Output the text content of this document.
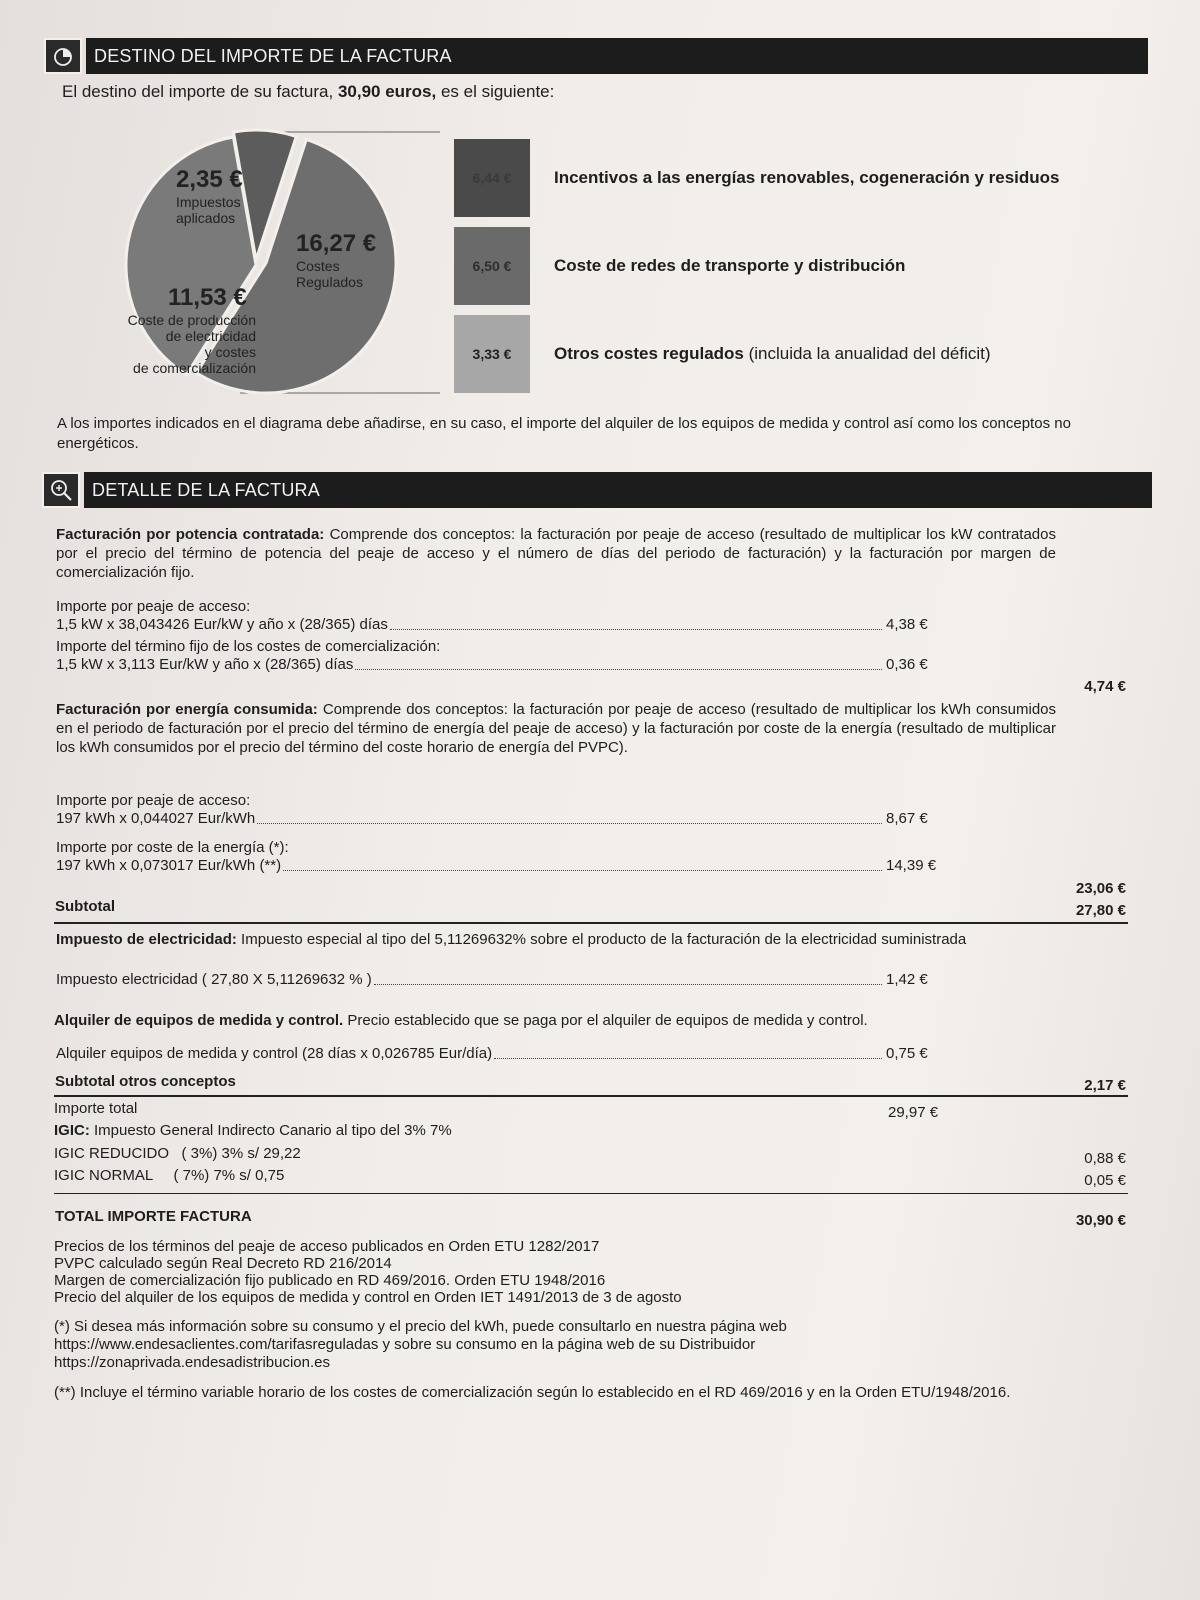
DESTINO DEL IMPORTE DE LA FACTURA
El destino del importe de su factura, 30,90 euros, es el siguiente:
2,35 €
Impuestos
aplicados
16,27 €
Costes
Regulados
11,53 €
Coste de producción
de electricidad
y costes
de comercialización
6,44 €
6,50 €
3,33 €
Incentivos a las energías renovables, cogeneración y residuos
Coste de redes de transporte y distribución
Otros costes regulados (incluida la anualidad del déficit)
A los importes indicados en el diagrama debe añadirse, en su caso, el importe del alquiler de los equipos de medida y control así como los conceptos no energéticos.
DETALLE DE LA FACTURA
Facturación por potencia contratada: Comprende dos conceptos: la facturación por peaje de acceso (resultado de multiplicar los kW contratados por el precio del término de potencia del peaje de acceso y el número de días del periodo de facturación) y la facturación por margen de comercialización fijo.
Importe por peaje de acceso:
1,5 kW x 38,043426 Eur/kW y año x (28/365) días	4,38 €
Importe del término fijo de los costes de comercialización:
1,5 kW x 3,113 Eur/kW y año x (28/365) días	0,36 €
4,74 €
Facturación por energía consumida: Comprende dos conceptos: la facturación por peaje de acceso (resultado de multiplicar los kWh consumidos en el periodo de facturación por el precio del término de energía del peaje de acceso) y la facturación por coste de la energía (resultado de multiplicar los kWh consumidos por el precio del término del coste horario de energía del PVPC).
Importe por peaje de acceso:
197 kWh x 0,044027 Eur/kWh	8,67 €
Importe por coste de la energía (*):
197 kWh x 0,073017 Eur/kWh (**)	14,39 €
23,06 €
Subtotal	27,80 €
Impuesto de electricidad: Impuesto especial al tipo del 5,11269632% sobre el producto de la facturación de la electricidad suministrada
Impuesto electricidad ( 27,80 X 5,11269632 % )	1,42 €
Alquiler de equipos de medida y control. Precio establecido que se paga por el alquiler de equipos de medida y control.
Alquiler equipos de medida y control (28 días x 0,026785 Eur/día)	0,75 €
Subtotal otros conceptos	2,17 €
Importe total	29,97 €
IGIC: Impuesto General Indirecto Canario al tipo del 3% 7%
IGIC REDUCIDO   ( 3%) 3% s/ 29,22	0,88 €
IGIC NORMAL     ( 7%) 7% s/ 0,75	0,05 €
TOTAL IMPORTE FACTURA	30,90 €
Precios de los términos del peaje de acceso publicados en Orden ETU 1282/2017
PVPC calculado según Real Decreto RD 216/2014
Margen de comercialización fijo publicado en RD 469/2016. Orden ETU 1948/2016
Precio del alquiler de los equipos de medida y control en Orden IET 1491/2013 de 3 de agosto
(*) Si desea más información sobre su consumo y el precio del kWh, puede consultarlo en nuestra página web https://www.endesaclientes.com/tarifasreguladas y sobre su consumo en la página web de su Distribuidor https://zonaprivada.endesadistribucion.es
(**) Incluye el término variable horario de los costes de comercialización según lo establecido en el RD 469/2016 y en la Orden ETU/1948/2016.
